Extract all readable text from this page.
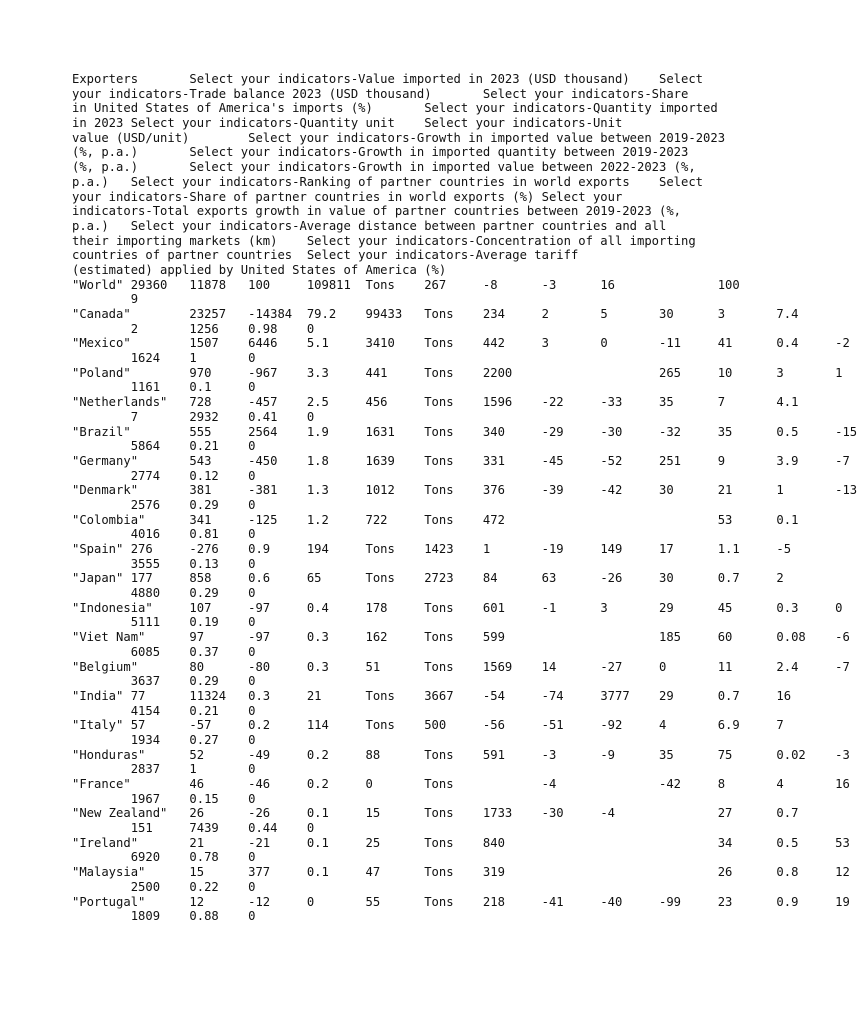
Exporters	Select your indicators-Value imported in 2023 (USD thousand)	Select
your indicators-Trade balance 2023 (USD thousand)	Select your indicators-Share
in United States of America's imports (%)	Select your indicators-Quantity imported
in 2023	Select your indicators-Quantity unit	Select your indicators-Unit
value (USD/unit)	Select your indicators-Growth in imported value between 2019-2023
(%, p.a.)	Select your indicators-Growth in imported quantity between 2019-2023
(%, p.a.)	Select your indicators-Growth in imported value between 2022-2023 (%,
p.a.)	Select your indicators-Ranking of partner countries in world exports	Select
your indicators-Share of partner countries in world exports (%)	Select your
indicators-Total exports growth in value of partner countries between 2019-2023 (%,
p.a.)	Select your indicators-Average distance between partner countries and all
their importing markets (km)	Select your indicators-Concentration of all importing
countries of partner countries	Select your indicators-Average tariff
(estimated) applied by United States of America (%)
"World"	29360	11878	100	109811	Tons	267	-8	-3	16		100
	9
"Canada"	23257	-14384	79.2	99433	Tons	234	2	5	30	3	7.4
	2	1256	0.98	0
"Mexico"	1507	6446	5.1	3410	Tons	442	3	0	-11	41	0.4	-2
	1624	1	0
"Poland"	970	-967	3.3	441	Tons	2200			265	10	3	1
	1161	0.1	0
"Netherlands"	728	-457	2.5	456	Tons	1596	-22	-33	35	7	4.1
	7	2932	0.41	0
"Brazil"	555	2564	1.9	1631	Tons	340	-29	-30	-32	35	0.5	-15
	5864	0.21	0
"Germany"	543	-450	1.8	1639	Tons	331	-45	-52	251	9	3.9	-7
	2774	0.12	0
"Denmark"	381	-381	1.3	1012	Tons	376	-39	-42	30	21	1	-13
	2576	0.29	0
"Colombia"	341	-125	1.2	722	Tons	472				53	0.1
	4016	0.81	0
"Spain"	276	-276	0.9	194	Tons	1423	1	-19	149	17	1.1	-5
	3555	0.13	0
"Japan"	177	858	0.6	65	Tons	2723	84	63	-26	30	0.7	2
	4880	0.29	0
"Indonesia"	107	-97	0.4	178	Tons	601	-1	3	29	45	0.3	0
	5111	0.19	0
"Viet Nam"	97	-97	0.3	162	Tons	599			185	60	0.08	-6
	6085	0.37	0
"Belgium"	80	-80	0.3	51	Tons	1569	14	-27	0	11	2.4	-7
	3637	0.29	0
"India"	77	11324	0.3	21	Tons	3667	-54	-74	3777	29	0.7	16
	4154	0.21	0
"Italy"	57	-57	0.2	114	Tons	500	-56	-51	-92	4	6.9	7
	1934	0.27	0
"Honduras"	52	-49	0.2	88	Tons	591	-3	-9	35	75	0.02	-3
	2837	1	0
"France"	46	-46	0.2	0	Tons		-4		-42	8	4	16
	1967	0.15	0
"New Zealand"	26	-26	0.1	15	Tons	1733	-30	-4		27	0.7
	151	7439	0.44	0
"Ireland"	21	-21	0.1	25	Tons	840				34	0.5	53
	6920	0.78	0
"Malaysia"	15	377	0.1	47	Tons	319				26	0.8	12
	2500	0.22	0
"Portugal"	12	-12	0	55	Tons	218	-41	-40	-99	23	0.9	19
	1809	0.88	0
